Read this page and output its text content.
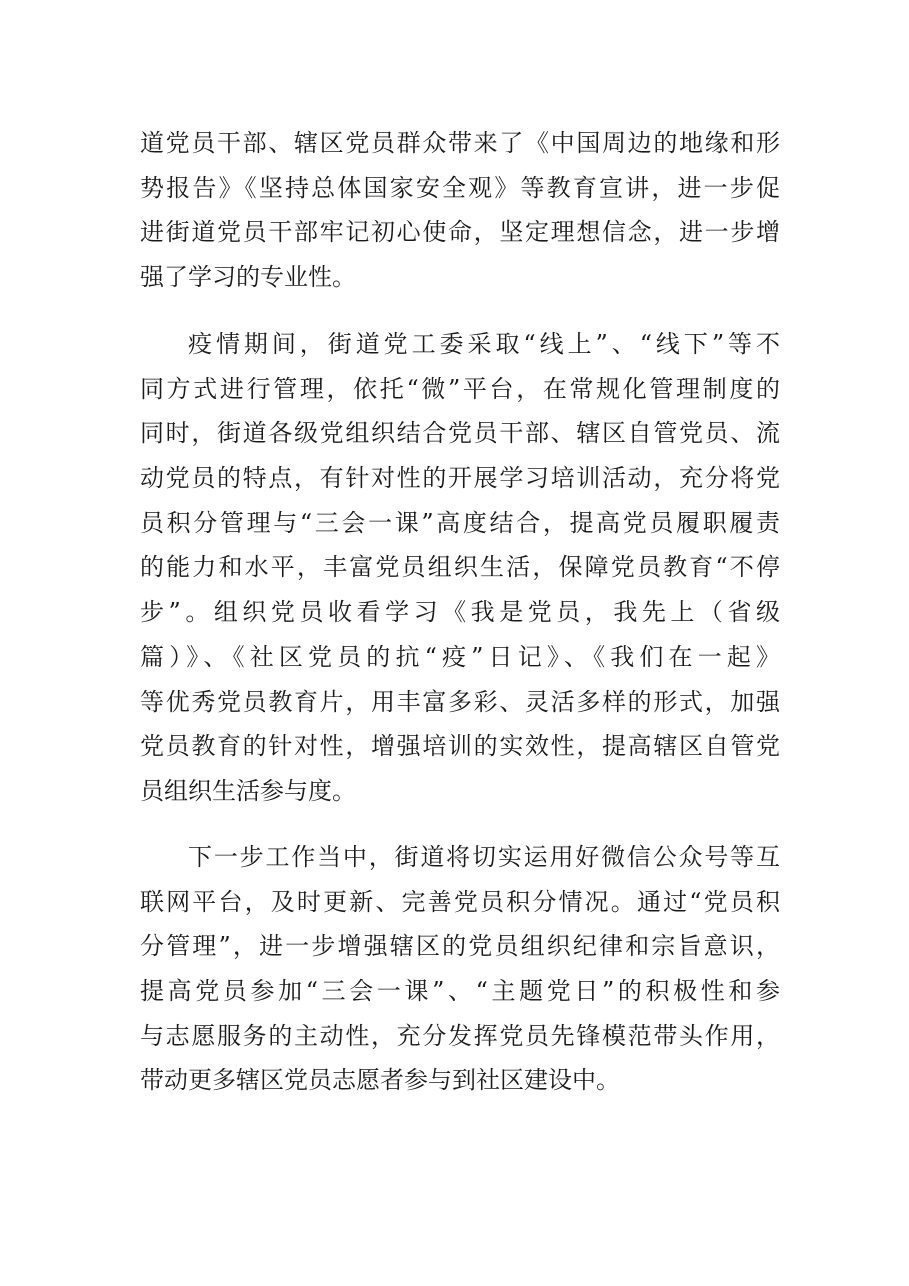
道党员干部、辖区党员群众带来了《中国周边的地缘和形
势报告》《坚持总体国家安全观》等教育宣讲，进一步促
进街道党员干部牢记初心使命，坚定理想信念，进一步增
强了学习的专业性。
疫情期间，街道党工委采取“线上”、“线下”等不
同方式进行管理，依托“微”平台，在常规化管理制度的
同时，街道各级党组织结合党员干部、辖区自管党员、流
动党员的特点，有针对性的开展学习培训活动，充分将党
员积分管理与“三会一课”高度结合，提高党员履职履责
的能力和水平，丰富党员组织生活，保障党员教育“不停
步”。组织党员收看学习《我是党员，我先上（省级
篇）》、《社区党员的抗“疫”日记》、《我们在一起》
等优秀党员教育片，用丰富多彩、灵活多样的形式，加强
党员教育的针对性，增强培训的实效性，提高辖区自管党
员组织生活参与度。
下一步工作当中，街道将切实运用好微信公众号等互
联网平台，及时更新、完善党员积分情况。通过“党员积
分管理”，进一步增强辖区的党员组织纪律和宗旨意识，
提高党员参加“三会一课”、“主题党日”的积极性和参
与志愿服务的主动性，充分发挥党员先锋模范带头作用，
带动更多辖区党员志愿者参与到社区建设中。
